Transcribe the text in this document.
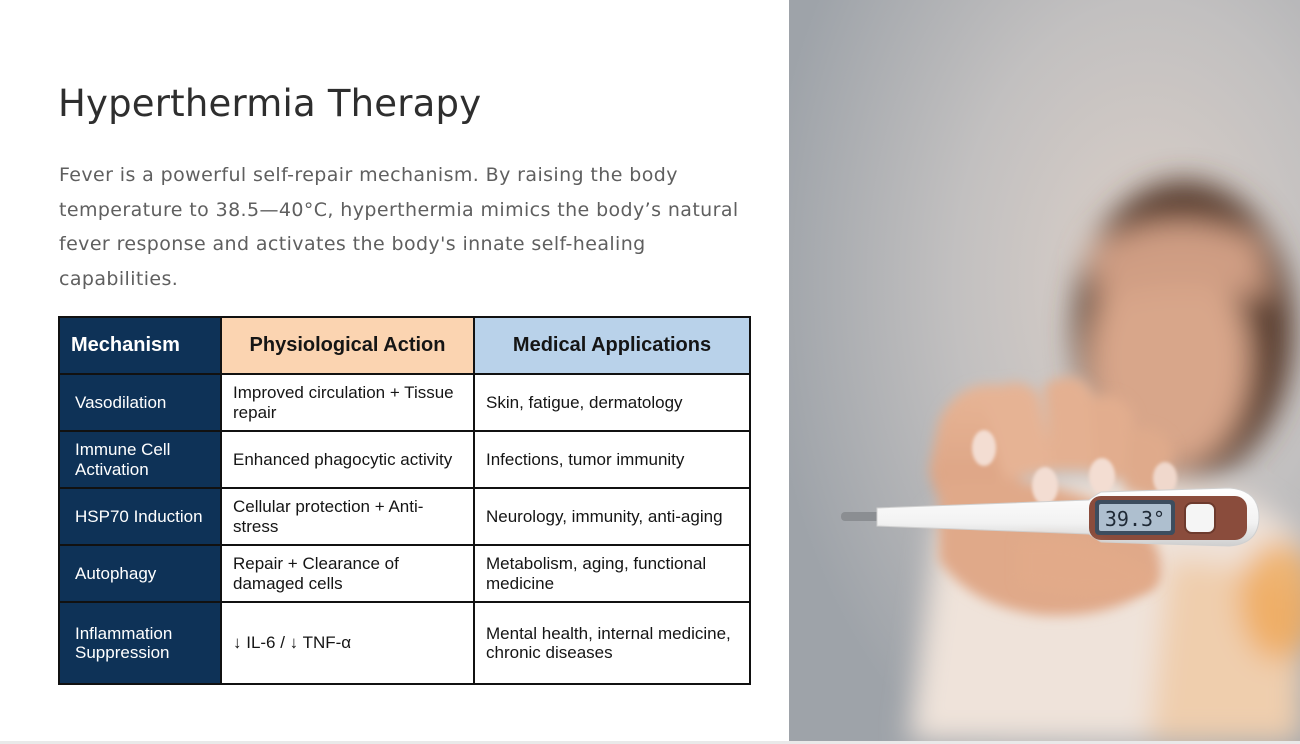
Hyperthermia Therapy
Fever is a powerful self-repair mechanism. By raising the body temperature to 38.5—40°C, hyperthermia mimics the body’s natural fever response and activates the body's innate self-healing capabilities.
Mechanism	Physiological Action	Medical Applications
Vasodilation	Improved circulation + Tissue repair	Skin, fatigue, dermatology
Immune Cell Activation	Enhanced phagocytic activity	Infections, tumor immunity
HSP70 Induction	Cellular protection + Anti-stress	Neurology, immunity, anti-aging
Autophagy	Repair + Clearance of damaged cells	Metabolism, aging, functional medicine
Inflammation Suppression	↓ IL-6 / ↓ TNF-α	Mental health, internal medicine, chronic diseases
39.3°
